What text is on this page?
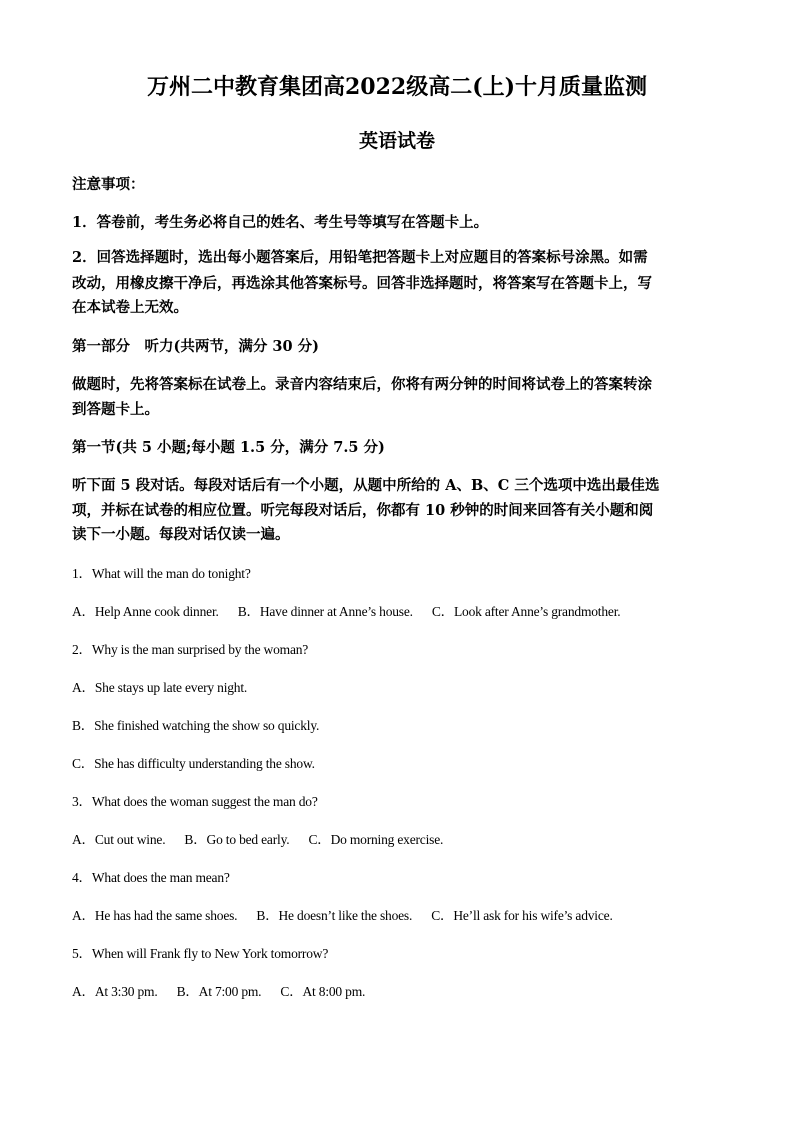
万州二中教育集团高2022级高二(上)十月质量监测
英语试卷
注意事项：
1．答卷前，考生务必将自己的姓名、考生号等填写在答题卡上。
2．回答选择题时，选出每小题答案后，用铅笔把答题卡上对应题目的答案标号涂黑。如需
改动，用橡皮擦干净后，再选涂其他答案标号。回答非选择题时，将答案写在答题卡上，写
在本试卷上无效。
第一部分　听力(共两节，满分 30 分)
做题时，先将答案标在试卷上。录音内容结束后，你将有两分钟的时间将试卷上的答案转涂
到答题卡上。
第一节(共 5 小题;每小题 1.5 分，满分 7.5 分)
听下面 5 段对话。每段对话后有一个小题，从题中所给的 A、B、C 三个选项中选出最佳选
项，并标在试卷的相应位置。听完每段对话后，你都有 10 秒钟的时间来回答有关小题和阅
读下一小题。每段对话仅读一遍。
1．What will the man do tonight?
A．Help Anne cook dinner.      B．Have dinner at Anne’s house.      C．Look after Anne’s grandmother.
2．Why is the man surprised by the woman?
A．She stays up late every night.
B．She finished watching the show so quickly.
C．She has difficulty understanding the show.
3．What does the woman suggest the man do?
A．Cut out wine.      B．Go to bed early.      C．Do morning exercise.
4．What does the man mean?
A．He has had the same shoes.      B．He doesn’t like the shoes.      C．He’ll ask for his wife’s advice.
5．When will Frank fly to New York tomorrow?
A．At 3:30 pm.      B．At 7:00 pm.      C．At 8:00 pm.
